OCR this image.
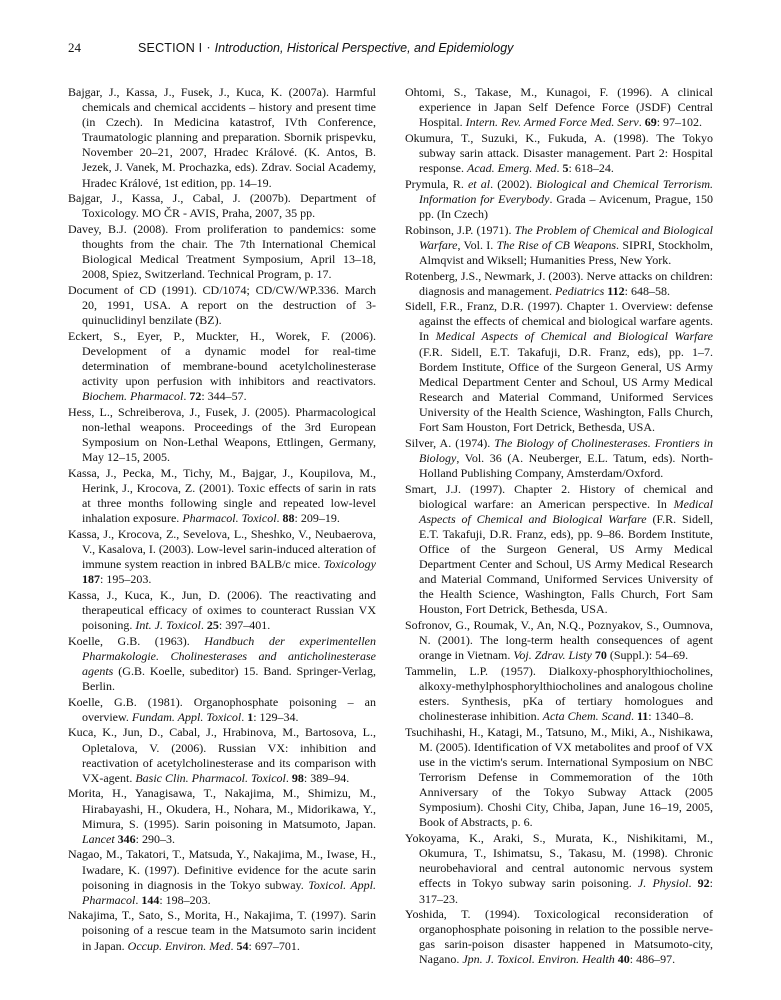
24	SECTION I · Introduction, Historical Perspective, and Epidemiology

Bajgar, J., Kassa, J., Fusek, J., Kuca, K. (2007a). Harmful chemicals and chemical accidents – history and present time (in Czech). In Medicina katastrof, IVth Conference, Traumatologic planning and preparation. Sbornik prispevku, November 20–21, 2007, Hradec Králové. (K. Antos, B. Jezek, J. Vanek, M. Prochazka, eds). Zdrav. Social Academy, Hradec Králové, 1st edition, pp. 14–19.

Bajgar, J., Kassa, J., Cabal, J. (2007b). Department of Toxicology. MO ČR - AVIS, Praha, 2007, 35 pp.

Davey, B.J. (2008). From proliferation to pandemics: some thoughts from the chair. The 7th International Chemical Biological Medical Treatment Symposium, April 13–18, 2008, Spiez, Switzerland. Technical Program, p. 17.

Document of CD (1991). CD/1074; CD/CW/WP.336. March 20, 1991, USA. A report on the destruction of 3-quinuclidinyl benzilate (BZ).

Eckert, S., Eyer, P., Muckter, H., Worek, F. (2006). Development of a dynamic model for real-time determination of membrane-bound acetylcholinesterase activity upon perfusion with inhibitors and reactivators. Biochem. Pharmacol. 72: 344–57.

Hess, L., Schreiberova, J., Fusek, J. (2005). Pharmacological non-lethal weapons. Proceedings of the 3rd European Symposium on Non-Lethal Weapons, Ettlingen, Germany, May 12–15, 2005.

Kassa, J., Pecka, M., Tichy, M., Bajgar, J., Koupilova, M., Herink, J., Krocova, Z. (2001). Toxic effects of sarin in rats at three months following single and repeated low-level inhalation exposure. Pharmacol. Toxicol. 88: 209–19.

Kassa, J., Krocova, Z., Sevelova, L., Sheshko, V., Neubaerova, V., Kasalova, I. (2003). Low-level sarin-induced alteration of immune system reaction in inbred BALB/c mice. Toxicology 187: 195–203.

Kassa, J., Kuca, K., Jun, D. (2006). The reactivating and therapeutical efficacy of oximes to counteract Russian VX poisoning. Int. J. Toxicol. 25: 397–401.

Koelle, G.B. (1963). Handbuch der experimentellen Pharmakologie. Cholinesterases and anticholinesterase agents (G.B. Koelle, subeditor) 15. Band. Springer-Verlag, Berlin.

Koelle, G.B. (1981). Organophosphate poisoning – an overview. Fundam. Appl. Toxicol. 1: 129–34.

Kuca, K., Jun, D., Cabal, J., Hrabinova, M., Bartosova, L., Opletalova, V. (2006). Russian VX: inhibition and reactivation of acetylcholinesterase and its comparison with VX-agent. Basic Clin. Pharmacol. Toxicol. 98: 389–94.

Morita, H., Yanagisawa, T., Nakajima, M., Shimizu, M., Hirabayashi, H., Okudera, H., Nohara, M., Midorikawa, Y., Mimura, S. (1995). Sarin poisoning in Matsumoto, Japan. Lancet 346: 290–3.

Nagao, M., Takatori, T., Matsuda, Y., Nakajima, M., Iwase, H., Iwadare, K. (1997). Definitive evidence for the acute sarin poisoning in diagnosis in the Tokyo subway. Toxicol. Appl. Pharmacol. 144: 198–203.

Nakajima, T., Sato, S., Morita, H., Nakajima, T. (1997). Sarin poisoning of a rescue team in the Matsumoto sarin incident in Japan. Occup. Environ. Med. 54: 697–701.

Ohtomi, S., Takase, M., Kunagoi, F. (1996). A clinical experience in Japan Self Defence Force (JSDF) Central Hospital. Intern. Rev. Armed Force Med. Serv. 69: 97–102.

Okumura, T., Suzuki, K., Fukuda, A. (1998). The Tokyo subway sarin attack. Disaster management. Part 2: Hospital response. Acad. Emerg. Med. 5: 618–24.

Prymula, R. et al. (2002). Biological and Chemical Terrorism. Information for Everybody. Grada – Avicenum, Prague, 150 pp. (In Czech)

Robinson, J.P. (1971). The Problem of Chemical and Biological Warfare, Vol. I. The Rise of CB Weapons. SIPRI, Stockholm, Almqvist and Wiksell; Humanities Press, New York.

Rotenberg, J.S., Newmark, J. (2003). Nerve attacks on children: diagnosis and management. Pediatrics 112: 648–58.

Sidell, F.R., Franz, D.R. (1997). Chapter 1. Overview: defense against the effects of chemical and biological warfare agents. In Medical Aspects of Chemical and Biological Warfare (F.R. Sidell, E.T. Takafuji, D.R. Franz, eds), pp. 1–7. Bordem Institute, Office of the Surgeon General, US Army Medical Department Center and Schoul, US Army Medical Research and Material Command, Uniformed Services University of the Health Science, Washington, Falls Church, Fort Sam Houston, Fort Detrick, Bethesda, USA.

Silver, A. (1974). The Biology of Cholinesterases. Frontiers in Biology, Vol. 36 (A. Neuberger, E.L. Tatum, eds). North-Holland Publishing Company, Amsterdam/Oxford.

Smart, J.J. (1997). Chapter 2. History of chemical and biological warfare: an American perspective. In Medical Aspects of Chemical and Biological Warfare (F.R. Sidell, E.T. Takafuji, D.R. Franz, eds), pp. 9–86. Bordem Institute, Office of the Surgeon General, US Army Medical Department Center and Schoul, US Army Medical Research and Material Command, Uniformed Services University of the Health Science, Washington, Falls Church, Fort Sam Houston, Fort Detrick, Bethesda, USA.

Sofronov, G., Roumak, V., An, N.Q., Poznyakov, S., Oumnova, N. (2001). The long-term health consequences of agent orange in Vietnam. Voj. Zdrav. Listy 70 (Suppl.): 54–69.

Tammelin, L.P. (1957). Dialkoxy-phosphorylthiocholines, alkoxy-methylphosphorylthiocholines and analogous choline esters. Synthesis, pKa of tertiary homologues and cholinesterase inhibition. Acta Chem. Scand. 11: 1340–8.

Tsuchihashi, H., Katagi, M., Tatsuno, M., Miki, A., Nishikawa, M. (2005). Identification of VX metabolites and proof of VX use in the victim's serum. International Symposium on NBC Terrorism Defense in Commemoration of the 10th Anniversary of the Tokyo Subway Attack (2005 Symposium). Choshi City, Chiba, Japan, June 16–19, 2005, Book of Abstracts, p. 6.

Yokoyama, K., Araki, S., Murata, K., Nishikitami, M., Okumura, T., Ishimatsu, S., Takasu, M. (1998). Chronic neurobehavioral and central autonomic nervous system effects in Tokyo subway sarin poisoning. J. Physiol. 92: 317–23.

Yoshida, T. (1994). Toxicological reconsideration of organophosphate poisoning in relation to the possible nerve-gas sarin-poison disaster happened in Matsumoto-city, Nagano. Jpn. J. Toxicol. Environ. Health 40: 486–97.
